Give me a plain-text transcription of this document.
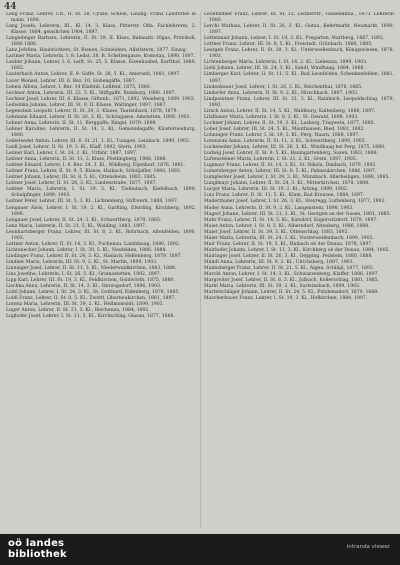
44

Lang Franz, Lehrer, Ulf., II. St. 38, Cyuze, Schein, Laudig. Franz Lalorettes in mann. 1898.

Lang Josefa, Lehrerin, III., Kl. 14, 3. Klass, Pitterstr. Olfa. Fachlehrerin, 2. Klasse, 1864, geisslichen 1904, 1897.

Langedinger Barbara, Lehrerin, II. St. 39, II. Klass, Babaustr. Olgas, Protokoll, 1880 1888.

Lanz Jofefine, Haubrichters, St. Bienen, Schneiders, Alleltstern, 1877. Einzig.

Larimer Maria, Lehrerin, I. 8. Leilst, 38. B. Schellengasse, Komotau, 1890, 1897.

Lauber Johann, Lehrer, I. 6. Leift, St. 25, 5. Klasse, Eisenhanbel, Eurfthal, 1880, 1885.

Lauterbach Anton, Lehrer, II. 9. Gaffe, St. 38, 5. Kl., Ameranb, 1881, 1897.

Laver Wenzel, Lehrer, III. 6. Bez. 10, Hohengäffe, 1887.

Lebeis Alfons, Lehrer, I. Bez. 14 Klafenb. Lellfenf, 1875, 1880.

Lechner Anton, Lehrerin, III. 22, 3. Kl., Stiftgaffe, Rumburg, 1880. 1897.

Lechner Josef, Lehrer, III. 6. Klasse, Giftenb., 1871, 1892, Weinberg, 1869. 1903.

Ledwinka Johann, Lehrer, III. St. 9, II. Klasse, Waltinger, 1897, 1887.

Legenstein Leopold, Lehrer, II. St. 39, 3. Klasse, Tautenbach, 1878, 1879.

Lehmann Eduard, Lehrer, II. St. 26, 3. Kl., Schöngasse, Amstetten, 1898. 1903.

Lehner Anna, Lehrerin, II. St. 11, Berggaffe, Ringel, 1879. 1898.

Lehner Karoline, Lehrerin, II. St. 14, 3. Kl., Gemeindegaffe, Klosterneuburg, 1880.

Leibetseder Anton, Lehrer, III. 6. St. 21, 1. Kl., Tunigen, Leinbach, 1899, 1903.

Leidl Josef, Lehrer, II. St. 19, 3. Kl., Klaff, 1892, Stern, 1903.

Leimer Karl, Lehrer, I. St. 24, 2. Kl., Urfahr, 1887, 1897.

Leitner Anna, Lehrerin, II. St. 11, 3. Klass, Pöstlingberg, 1888, 1888.

Leitner Eduard, Lehrer, I. 6. Bez. 24, 3. Kl., Wildberg, Eijenborf, 1876, 1881.

Leitner Franz, Lehrer, II. St. 9, 5. Klasse, Haibach, Schuljaffer, 1880, 1892.

Leitner Johann, Lehrer, III. St. 8, 5. Kl., Ottensheim, 1883, 1885.

Leitner Josef, Lehrer, II. St. 26, 3. Kl., Lindenstraße, 1877, 1897.

Leitner Maria, Lehrerin, I. St. 39, 5. Kl., Tiefenbach, Kiefelbach, 1899, Schalpfinger, 1899. 1903.

Leitner Peter, Lehrer, III. St. 5, 3. Kl., Lichtenberg, Stiftwerk, 1888, 1897.

Lengauer Alois, Lehrer, I. St. 19, 2. Kl., Garfling, Eferding, Kirchberg, 1892, 1899.

Lengauer Josef, Lehrer, II. St. 24, 3. Kl., Schwertberg, 1878, 1885.

Lenz Maria, Lehrerin, II. St. 21, 5. Kl., Walding, 1883, 1897.

Leonhartsberger Franz, Lehrer, III. St. 8, 2. Kl., Rohrbach, Altenfelden, 1890, 1903.

Lettner Anton, Lehrer, II. St. 14, 3. Kl., Puchenau, Landshaag, 1880, 1892.

Lichtenecker Johann, Lehrer, I. St. 39, 5. Kl., Neufelden, 1886, 1888.

Lindinger Franz, Lehrer, II. St. 24, 3. Kl., Haslach, Helfenberg, 1879, 1897.

Lindner Maria, Lehrerin, III. St. 9, 2. Kl., St. Martin, 1899, 1903.

Linninger Josef, Lehrer, II. St. 11, 3. Kl., Niederwaldkirchen, 1883, 1888.

Lins Josefine, Lehrerin, I. St. 26, 5. Kl., Gramastetten, 1892, 1897.

Lipp Karl, Lehrer, III. St. 19, 3. Kl., Feldkirchen, Goldwörth, 1875, 1880.

Lischka Anna, Lehrerin, II. St. 14, 2. Kl., Herzogsdorf, 1896, 1903.

Loibl Johann, Lehrer, I. St. 24, 3. Kl., St. Gotthard, Eidenberg, 1878, 1885.

Loidl Franz, Lehrer, II. St. 8, 5. Kl., Zwettl, Oberneukirchen, 1881, 1897.

Lorenz Maria, Lehrerin, III. St. 39, 2. Kl., Hellmonsödt, 1899, 1903.

Luger Anton, Lehrer, II. St. 21, 3. Kl., Reichenau, 1884, 1892.

Lughofer Josef, Lehrer, I. St. 11, 5. Kl., Kirchschlag, Glasau, 1877, 1888.

Leonfeldner Franz, Lehrer, III. St. 12, Leitnerstr., Tausendmul., 1873. Lehrerin 1880.

Lerchl Mathias, Lehrer, II. St. 26, 3. Kl., Gutau, Kefermarkt, Neumarkt, 1890, 1897.

Lettenmair Johann, Lehrer, I. St. 19, 3. Kl., Pregarten, Wartberg, 1887, 1892.

Lettner Franz, Lehrer, III. St. 8, 5. Kl., Freistadt, Grünbach, 1880, 1885.

Leutgeb Franz, Lehrer, II. St. 39, 3. Kl., Unterweißenbach, Königswiesen, 1878, 1903.

Lichtenberger Maria, Lehrerin, I. St. 14, 2. Kl., Liebenau, 1899, 1903.

Liebl Johann, Lehrer, III. St. 24, 3. Kl., Sandl, Windhaag, 1884, 1888.

Limberger Karl, Lehrer, II. St. 11, 5. Kl., Bad Leonfelden, Schenkenfelden, 1881, 1897.

Lindenbauer Josef, Lehrer, I. St. 26, 3. Kl., Reichenthal, 1876, 1885.

Lindorfer Anna, Lehrerin, II. St. 9, 2. Kl., Hirschbach, 1897, 1903.

Lindpointner Franz, Lehrer, III. St. 21, 3. Kl., Rainbach, Leopoldschlag, 1879, 1892.

Lirsch Anton, Lehrer, II. St. 14, 5. Kl., Waldburg, Kaltenberg, 1886, 1897.

Litzlbauer Maria, Lehrerin, I. St. 8, 2. Kl., St. Oswald, 1898, 1903.

Lochner Johann, Lehrer, II. St. 39, 3. Kl., Lasberg, Tragwein, 1877, 1885.

Loher Josef, Lehrer, III. St. 24, 5. Kl., Mauthausen, Ried, 1882, 1892.

Lohninger Franz, Lehrer, I. St. 19, 3. Kl., Perg, Naarn, 1888, 1897.

Lorenzoni Anna, Lehrerin, II. St. 11, 2. Kl., Schwertberg, 1899, 1903.

Luckeneder Johann, Lehrer, III. St. 26, 3. Kl., Windhaag bei Perg, 1875, 1880.

Ludwig Josef, Lehrer, II. St. 9, 5. Kl., Baumgartenberg, Saxen, 1883, 1888.

Luftensteiner Maria, Lehrerin, I. St. 21, 2. Kl., Grein, 1897, 1903.

Lugmayr Franz, Lehrer, II. St. 14, 3. Kl., St. Nikola, Dimbach, 1879, 1892.

Lumetsberger Anton, Lehrer, III. St. 8, 5. Kl., Pabneukirchen, 1886, 1897.

Lumplecker Josef, Lehrer, I. St. 39, 3. Kl., Münzbach, Allerheiligen, 1880, 1885.

Lunglmayr Johann, Lehrer, II. St. 24, 3. Kl., Mitterkirchen, 1878, 1888.

Lurger Maria, Lehrerin, III. St. 19, 2. Kl., Arbing, 1899, 1903.

Lutz Franz, Lehrer, II. St. 11, 5. Kl., Klam, Bad Kreuzen, 1884, 1897.

Maderthaner Josef, Lehrer, I. St. 26, 3. Kl., Steyregg, Luftenberg, 1877, 1892.

Mader Anna, Lehrerin, II. St. 9, 2. Kl., Langenstein, 1898, 1903.

Magerl Johann, Lehrer, III. St. 21, 3. Kl., St. Georgen an der Gusen, 1881, 1885.

Mahr Franz, Lehrer, II. St. 14, 5. Kl., Katsdorf, Engerwitzdorf, 1879, 1897.

Maier Anton, Lehrer, I. St. 8, 3. Kl., Alberndorf, Altenberg, 1886, 1888.

Maier Josef, Lehrer, II. St. 39, 3. Kl., Ottenschlag, 1883, 1892.

Maier Maria, Lehrerin, III. St. 24, 2. Kl., Vorderweißenbach, 1899, 1903.

Mair Franz, Lehrer, II. St. 19, 5. Kl., Haibach ob der Donau, 1878, 1897.

Mairhofer Johann, Lehrer, I. St. 11, 3. Kl., Kirchberg ob der Donau, 1884, 1885.

Mairinger Josef, Lehrer, II. St. 26, 3. Kl., Oepping, Peilstein, 1880, 1888.

Mandl Anna, Lehrerin, III. St. 9, 2. Kl., Ulrichsberg, 1897, 1903.

Mannsberger Franz, Lehrer, II. St. 21, 5. Kl., Aigen, Schlägl, 1877, 1892.

Marchl Anton, Lehrer, I. St. 14, 3. Kl., Schwarzenberg, Klaffer, 1886, 1897.

Margreiter Josef, Lehrer, II. St. 8, 3. Kl., Julbach, Kollerschlag, 1881, 1885.

Markl Maria, Lehrerin, III. St. 39, 2. Kl., Sarleinsbach, 1899, 1903.

Martetschläger Johann, Lehrer, II. St. 24, 5. Kl., Putzleinsdorf, 1879, 1888.

Mascherbauer Franz, Lehrer, I. St. 19, 3. Kl., Hofkirchen, 1884, 1897.

oö landes
bibliothek
intranda viewer
